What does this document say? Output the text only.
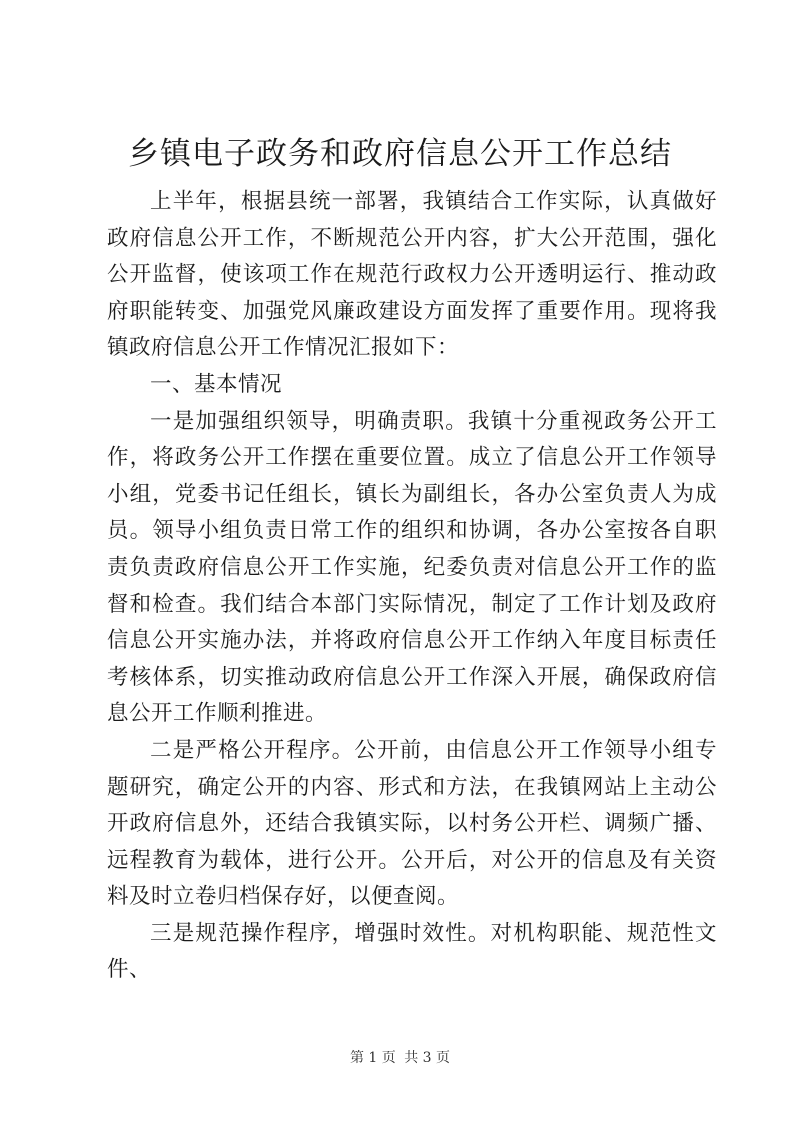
乡镇电子政务和政府信息公开工作总结

上半年，根据县统一部署，我镇结合工作实际，认真做好政府信息公开工作，不断规范公开内容，扩大公开范围，强化公开监督，使该项工作在规范行政权力公开透明运行、推动政府职能转变、加强党风廉政建设方面发挥了重要作用。现将我镇政府信息公开工作情况汇报如下：

一、基本情况

一是加强组织领导，明确责职。我镇十分重视政务公开工作，将政务公开工作摆在重要位置。成立了信息公开工作领导小组，党委书记任组长，镇长为副组长，各办公室负责人为成员。领导小组负责日常工作的组织和协调，各办公室按各自职责负责政府信息公开工作实施，纪委负责对信息公开工作的监督和检查。我们结合本部门实际情况，制定了工作计划及政府信息公开实施办法，并将政府信息公开工作纳入年度目标责任考核体系，切实推动政府信息公开工作深入开展，确保政府信息公开工作顺利推进。

二是严格公开程序。公开前，由信息公开工作领导小组专题研究，确定公开的内容、形式和方法，在我镇网站上主动公开政府信息外，还结合我镇实际，以村务公开栏、调频广播、远程教育为载体，进行公开。公开后，对公开的信息及有关资料及时立卷归档保存好，以便查阅。

三是规范操作程序，增强时效性。对机构职能、规范性文件、

第 1 页 共 3 页
